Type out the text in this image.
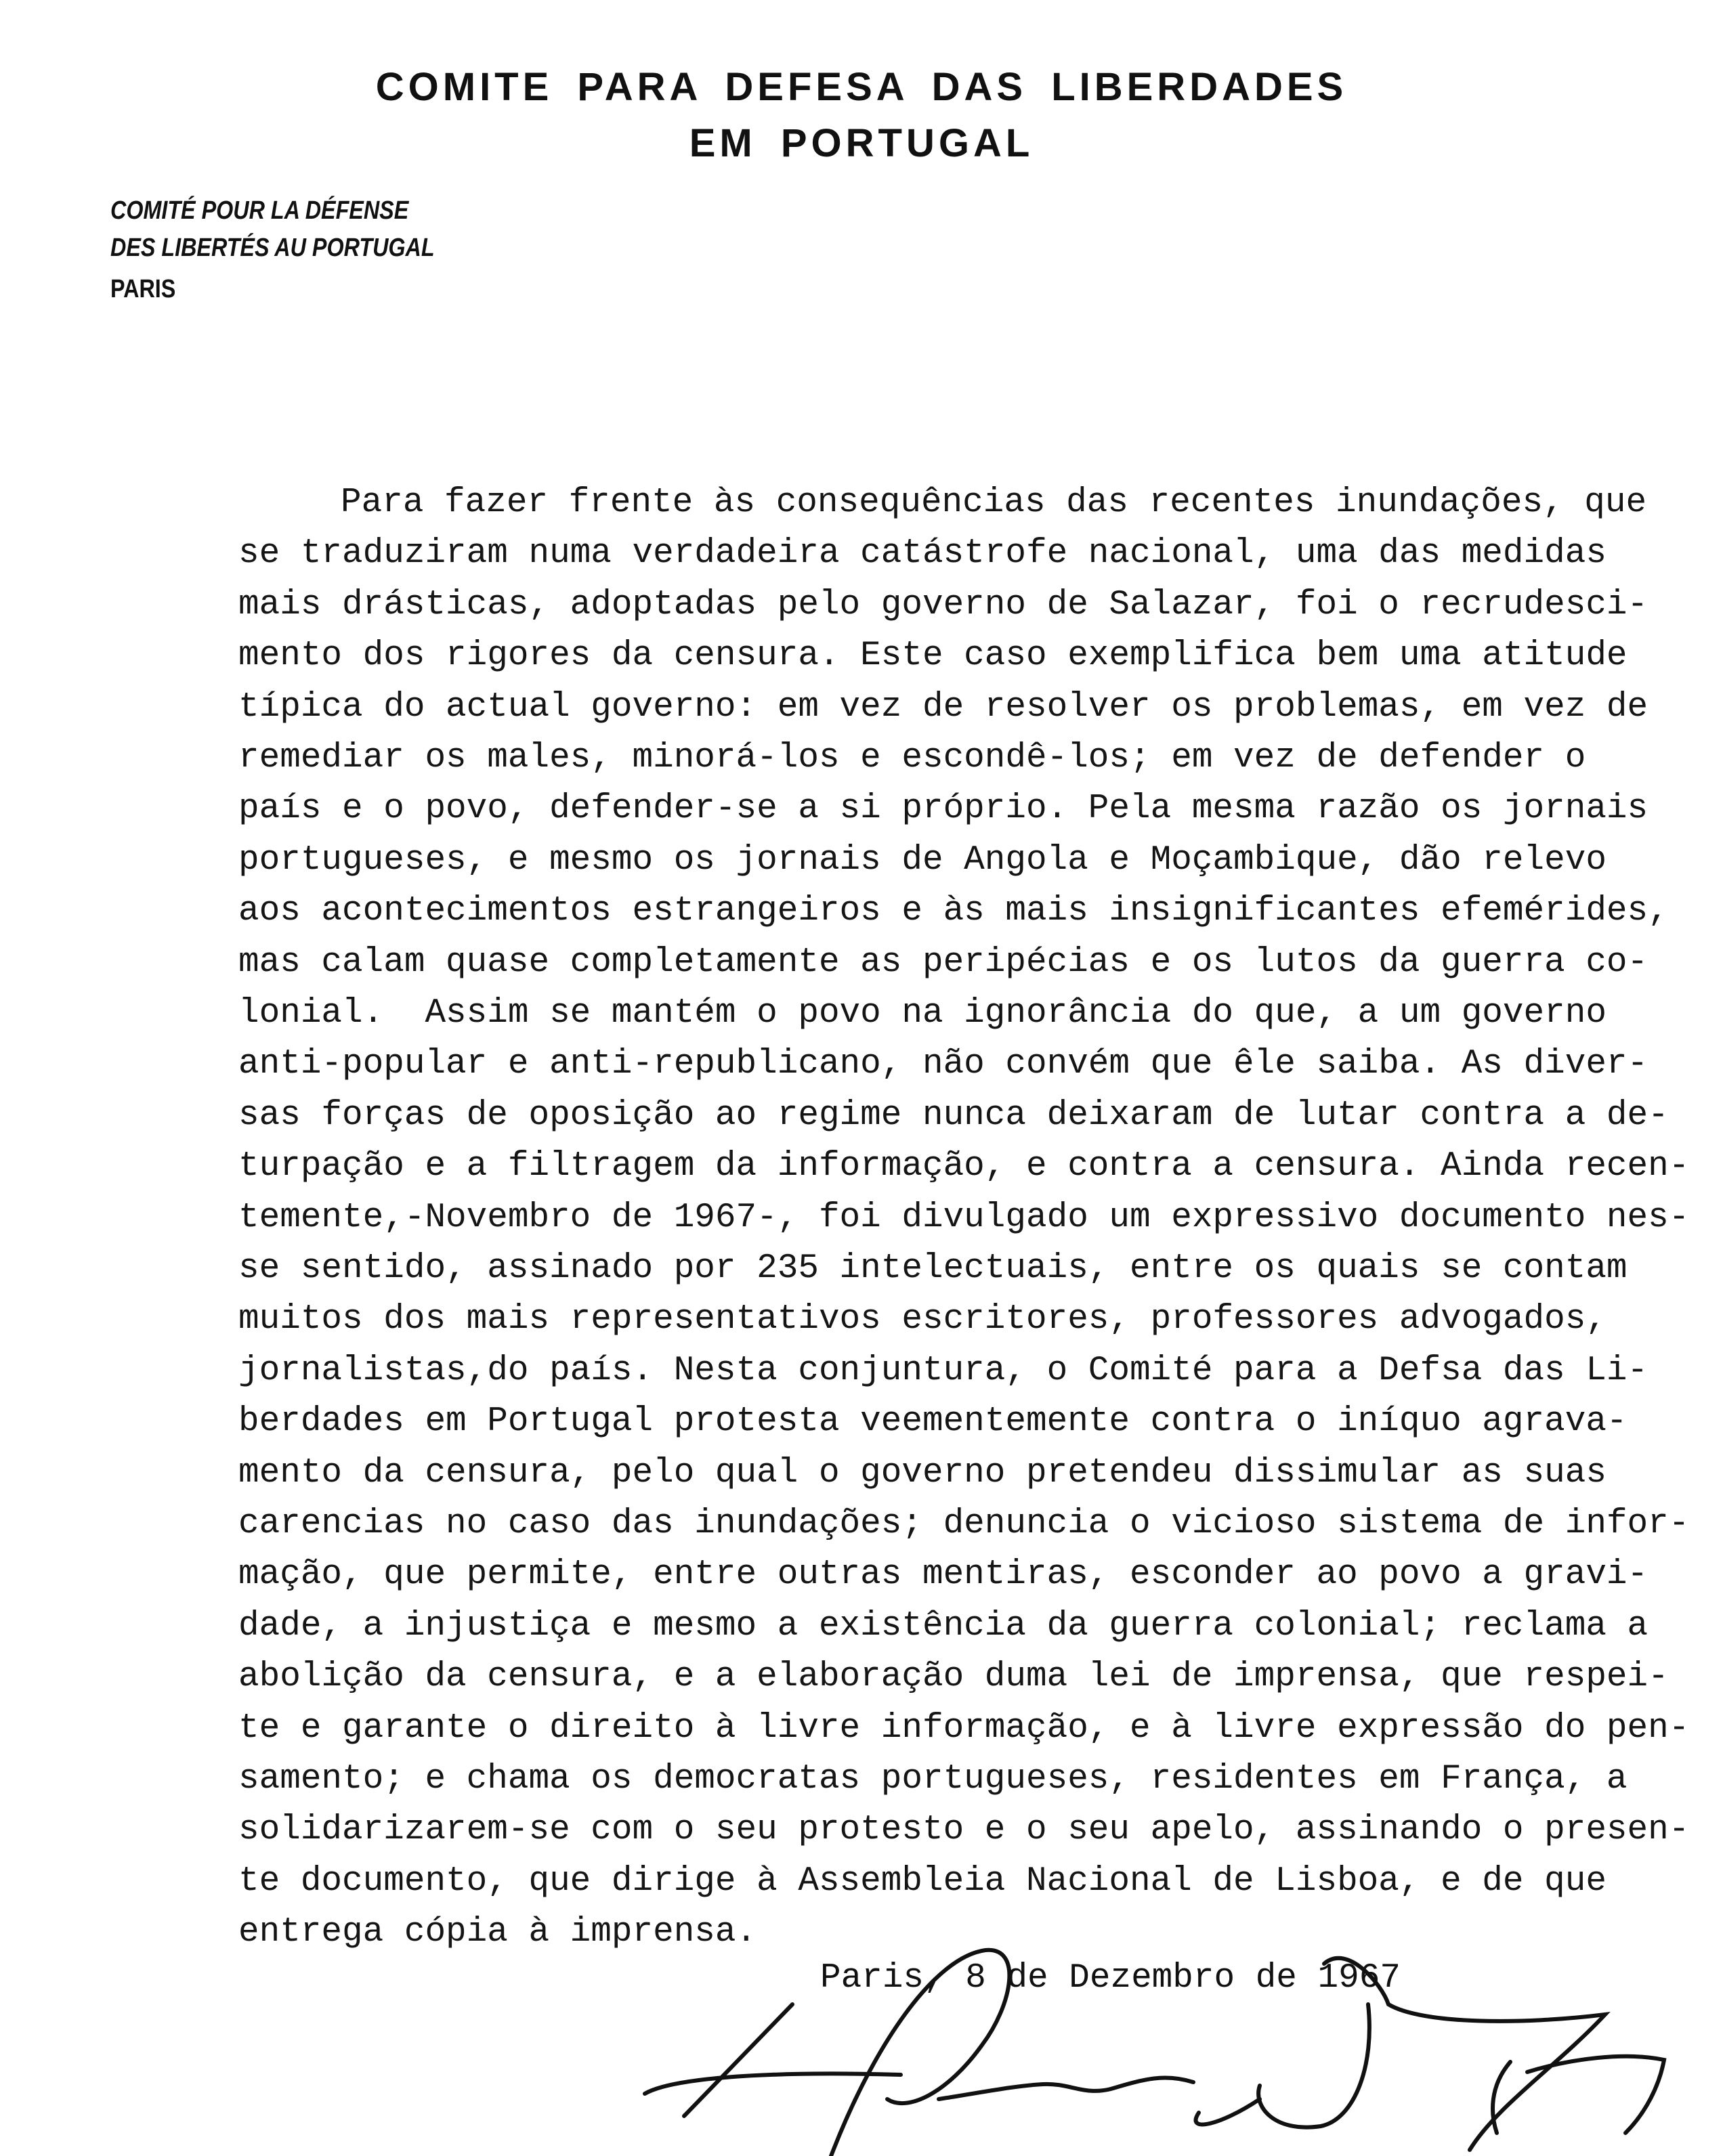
COMITE PARA DEFESA DAS LIBERDADES
EM PORTUGAL
COMITÉ POUR LA DÉFENSE
DES LIBERTÉS AU PORTUGAL
PARIS
Para fazer frente às consequências das recentes inundações, que
se traduziram numa verdadeira catástrofe nacional, uma das medidas
mais drásticas, adoptadas pelo governo de Salazar, foi o recrudesci-
mento dos rigores da censura. Este caso exemplifica bem uma atitude
típica do actual governo: em vez de resolver os problemas, em vez de
remediar os males, minorá-los e escondê-los; em vez de defender o
país e o povo, defender-se a si próprio. Pela mesma razão os jornais
portugueses, e mesmo os jornais de Angola e Moçambique, dão relevo
aos acontecimentos estrangeiros e às mais insignificantes efemérides,
mas calam quase completamente as peripécias e os lutos da guerra co-
lonial.  Assim se mantém o povo na ignorância do que, a um governo
anti-popular e anti-republicano, não convém que êle saiba. As diver-
sas forças de oposição ao regime nunca deixaram de lutar contra a de-
turpação e a filtragem da informação, e contra a censura. Ainda recen-
temente,-Novembro de 1967-, foi divulgado um expressivo documento nes-
se sentido, assinado por 235 intelectuais, entre os quais se contam
muitos dos mais representativos escritores, professores advogados,
jornalistas,do país. Nesta conjuntura, o Comité para a Defsa das Li-
berdades em Portugal protesta veementemente contra o iníquo agrava-
mento da censura, pelo qual o governo pretendeu dissimular as suas
carencias no caso das inundações; denuncia o vicioso sistema de infor-
mação, que permite, entre outras mentiras, esconder ao povo a gravi-
dade, a injustiça e mesmo a existência da guerra colonial; reclama a
abolição da censura, e a elaboração duma lei de imprensa, que respei-
te e garante o direito à livre informação, e à livre expressão do pen-
samento; e chama os democratas portugueses, residentes em França, a
solidarizarem-se com o seu protesto e o seu apelo, assinando o presen-
te documento, que dirige à Assembleia Nacional de Lisboa, e de que
entrega cópia à imprensa.
Paris, 8 de Dezembro de 1967
